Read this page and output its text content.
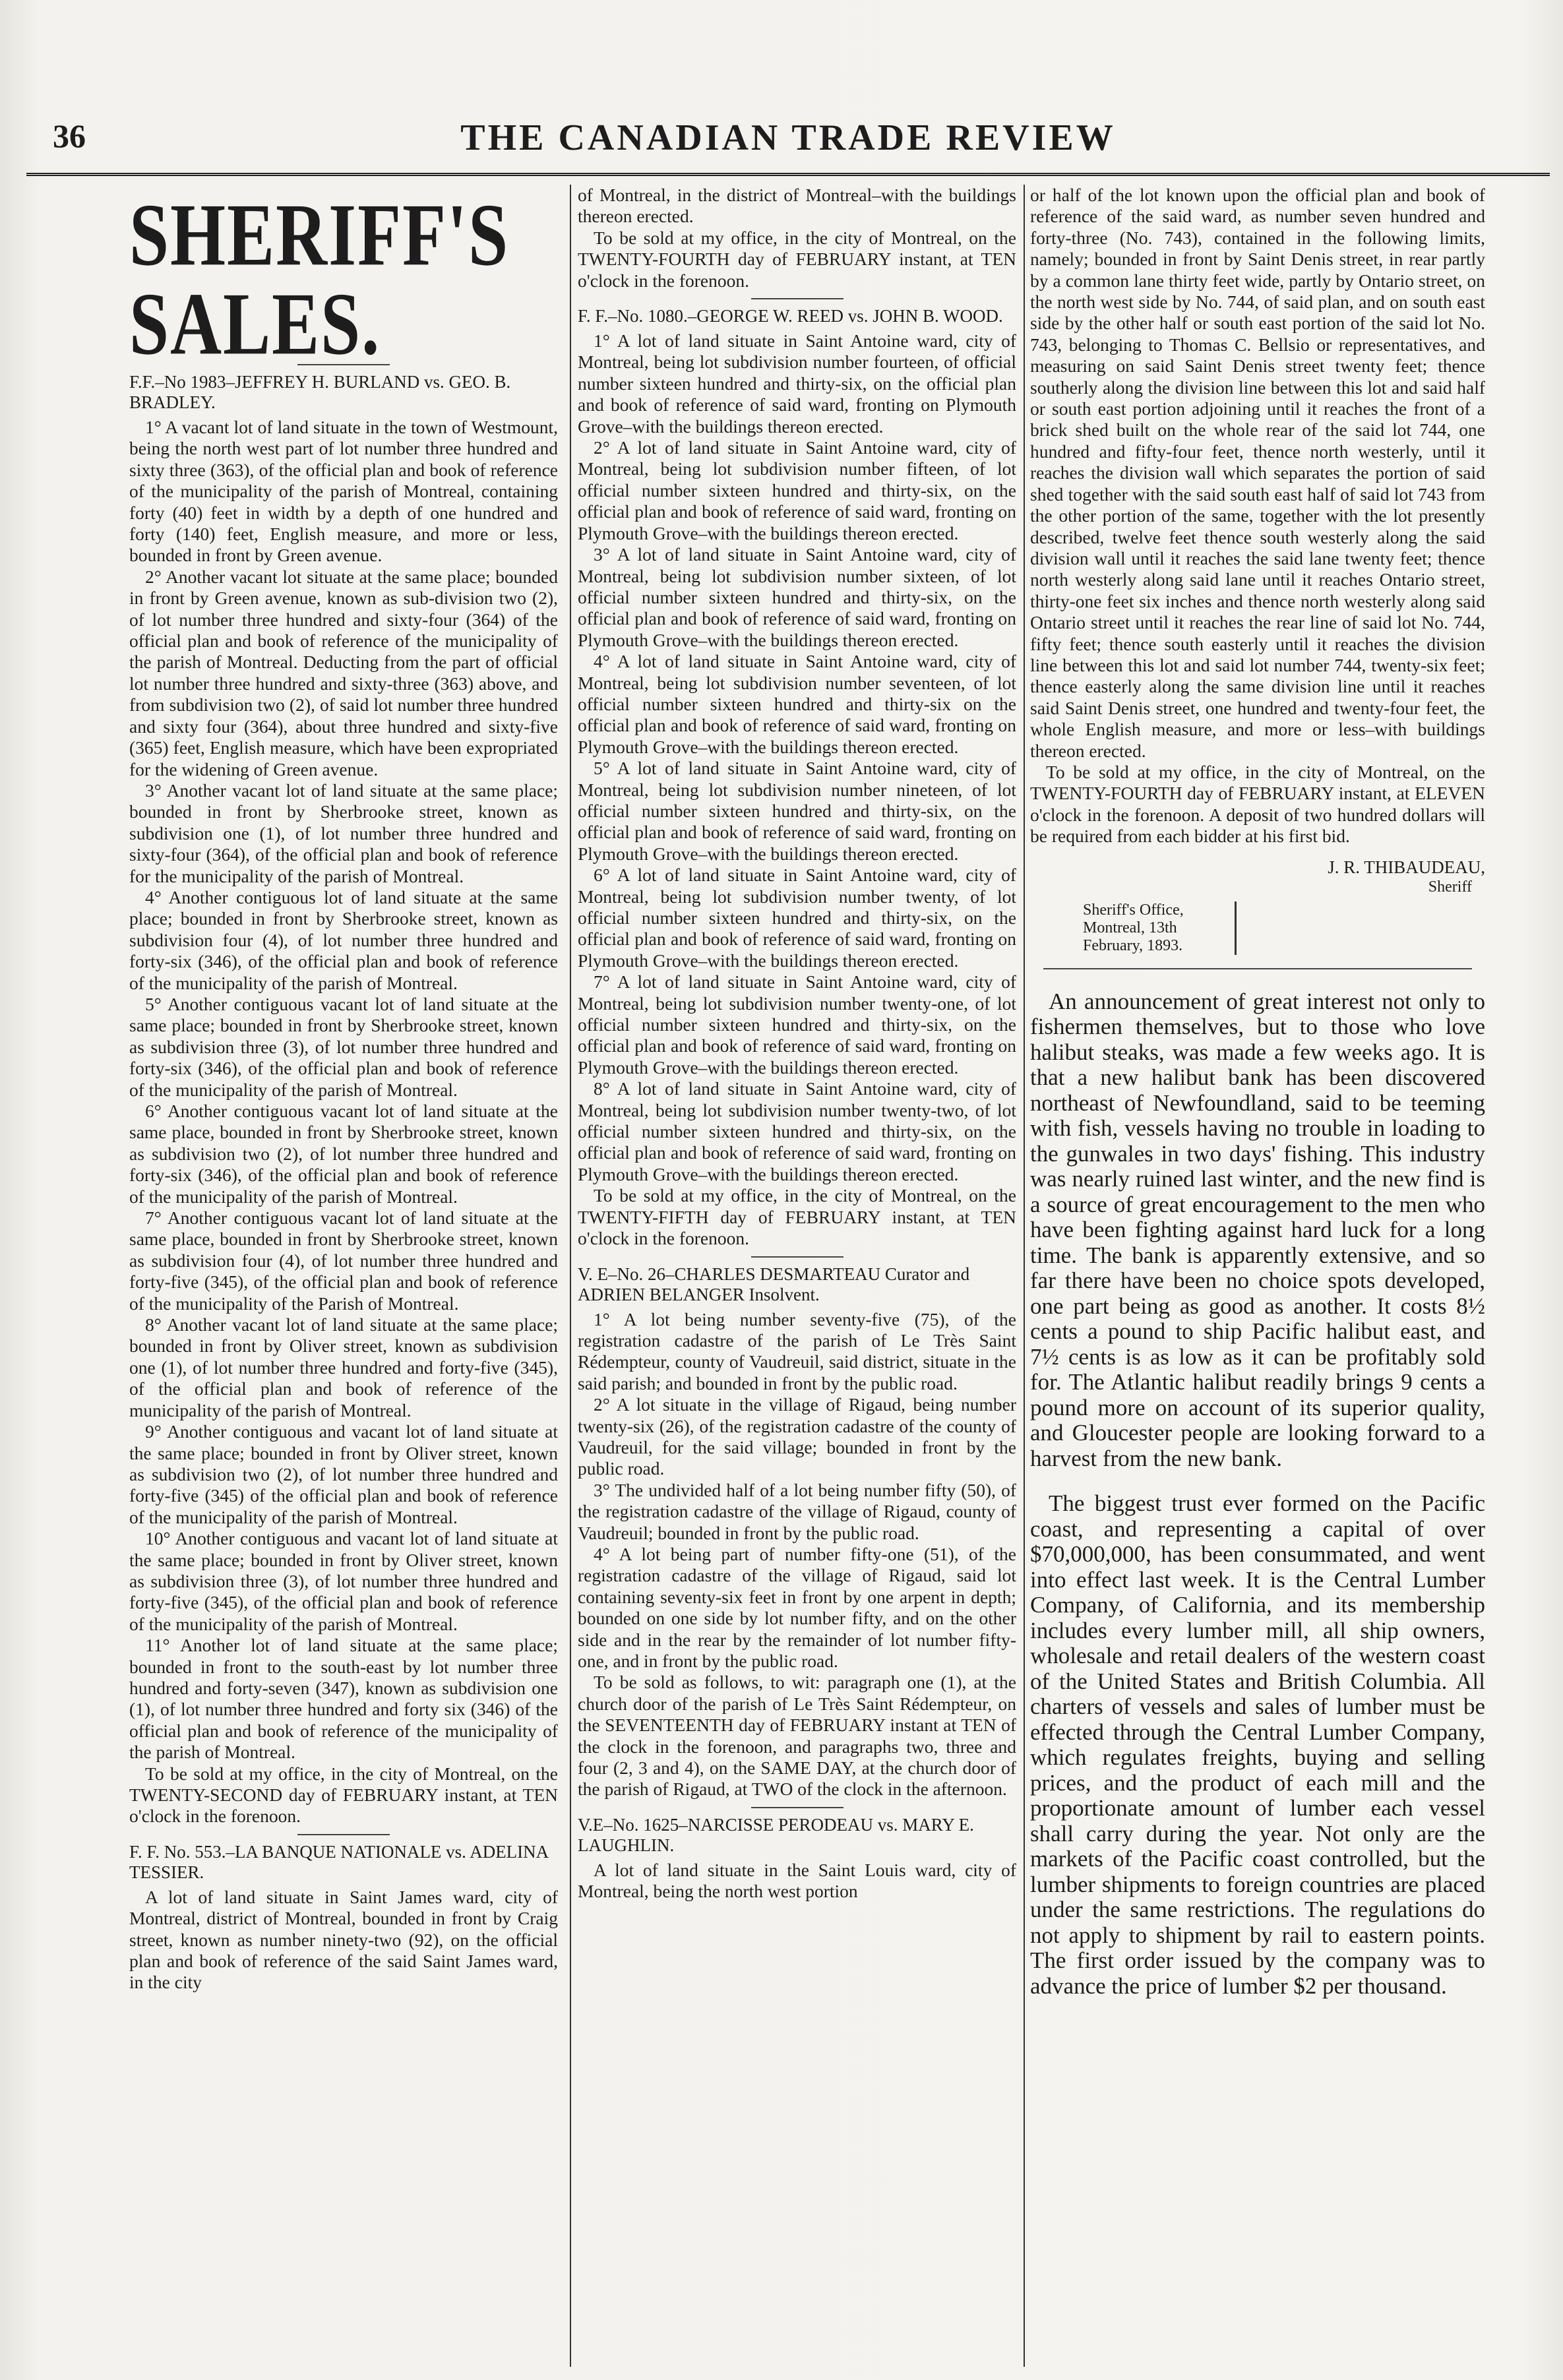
36	THE CANADIAN TRADE REVIEW
SHERIFF'S SALES.
F.F.–No 1983–JEFFREY H. BURLAND vs. GEO. B. BRADLEY.

1° A vacant lot of land situate in the town of Westmount, being the north west part of lot number three hundred and sixty three (363), of the official plan and book of reference of the municipality of the parish of Montreal, containing forty (40) feet in width by a depth of one hundred and forty (140) feet, English measure, and more or less, bounded in front by Green avenue.

2° Another vacant lot situate at the same place; bounded in front by Green avenue, known as sub-division two (2), of lot number three hundred and sixty-four (364) of the official plan and book of reference of the municipality of the parish of Montreal. Deducting from the part of official lot number three hundred and sixty-three (363) above, and from subdivision two (2), of said lot number three hundred and sixty four (364), about three hundred and sixty-five (365) feet, English measure, which have been expropriated for the widening of Green avenue.

3° Another vacant lot of land situate at the same place; bounded in front by Sherbrooke street, known as subdivision one (1), of lot number three hundred and sixty-four (364), of the official plan and book of reference for the municipality of the parish of Montreal.

4° Another contiguous lot of land situate at the same place; bounded in front by Sherbrooke street, known as subdivision four (4), of lot number three hundred and forty-six (346), of the official plan and book of reference of the municipality of the parish of Montreal.

5° Another contiguous vacant lot of land situate at the same place; bounded in front by Sherbrooke street, known as subdivision three (3), of lot number three hundred and forty-six (346), of the official plan and book of reference of the municipality of the parish of Montreal.

6° Another contiguous vacant lot of land situate at the same place, bounded in front by Sherbrooke street, known as subdivision two (2), of lot number three hundred and forty-six (346), of the official plan and book of reference of the municipality of the parish of Montreal.

7° Another contiguous vacant lot of land situate at the same place, bounded in front by Sherbrooke street, known as subdivision four (4), of lot number three hundred and forty-five (345), of the official plan and book of reference of the municipality of the Parish of Montreal.

8° Another vacant lot of land situate at the same place; bounded in front by Oliver street, known as subdivision one (1), of lot number three hundred and forty-five (345), of the official plan and book of reference of the municipality of the parish of Montreal.

9° Another contiguous and vacant lot of land situate at the same place; bounded in front by Oliver street, known as subdivision two (2), of lot number three hundred and forty-five (345) of the official plan and book of reference of the municipality of the parish of Montreal.

10° Another contiguous and vacant lot of land situate at the same place; bounded in front by Oliver street, known as subdivision three (3), of lot number three hundred and forty-five (345), of the official plan and book of reference of the municipality of the parish of Montreal.

11° Another lot of land situate at the same place; bounded in front to the south-east by lot number three hundred and forty-seven (347), known as subdivision one (1), of lot number three hundred and forty six (346) of the official plan and book of reference of the municipality of the parish of Montreal.

To be sold at my office, in the city of Montreal, on the TWENTY-SECOND day of FEBRUARY instant, at TEN o'clock in the forenoon.

F. F. No. 553.–LA BANQUE NATIONALE vs. ADELINA TESSIER.

A lot of land situate in Saint James ward, city of Montreal, district of Montreal, bounded in front by Craig street, known as number ninety-two (92), on the official plan and book of reference of the said Saint James ward, in the city

of Montreal, in the district of Montreal–with the buildings thereon erected.

To be sold at my office, in the city of Montreal, on the TWENTY-FOURTH day of FEBRUARY instant, at TEN o'clock in the forenoon.

F. F.–No. 1080.–GEORGE W. REED vs. JOHN B. WOOD.

1° A lot of land situate in Saint Antoine ward, city of Montreal, being lot subdivision number fourteen, of official number sixteen hundred and thirty-six, on the official plan and book of reference of said ward, fronting on Plymouth Grove–with the buildings thereon erected.

2° A lot of land situate in Saint Antoine ward, city of Montreal, being lot subdivision number fifteen, of lot official number sixteen hundred and thirty-six, on the official plan and book of reference of said ward, fronting on Plymouth Grove–with the buildings thereon erected.

3° A lot of land situate in Saint Antoine ward, city of Montreal, being lot subdivision number sixteen, of lot official number sixteen hundred and thirty-six, on the official plan and book of reference of said ward, fronting on Plymouth Grove–with the buildings thereon erected.

4° A lot of land situate in Saint Antoine ward, city of Montreal, being lot subdivision number seventeen, of lot official number sixteen hundred and thirty-six on the official plan and book of reference of said ward, fronting on Plymouth Grove–with the buildings thereon erected.

5° A lot of land situate in Saint Antoine ward, city of Montreal, being lot subdivision number nineteen, of lot official number sixteen hundred and thirty-six, on the official plan and book of reference of said ward, fronting on Plymouth Grove–with the buildings thereon erected.

6° A lot of land situate in Saint Antoine ward, city of Montreal, being lot subdivision number twenty, of lot official number sixteen hundred and thirty-six, on the official plan and book of reference of said ward, fronting on Plymouth Grove–with the buildings thereon erected.

7° A lot of land situate in Saint Antoine ward, city of Montreal, being lot subdivision number twenty-one, of lot official number sixteen hundred and thirty-six, on the official plan and book of reference of said ward, fronting on Plymouth Grove–with the buildings thereon erected.

8° A lot of land situate in Saint Antoine ward, city of Montreal, being lot subdivision number twenty-two, of lot official number sixteen hundred and thirty-six, on the official plan and book of reference of said ward, fronting on Plymouth Grove–with the buildings thereon erected.

To be sold at my office, in the city of Montreal, on the TWENTY-FIFTH day of FEBRUARY instant, at TEN o'clock in the forenoon.

V. E–No. 26–CHARLES DESMARTEAU Curator and ADRIEN BELANGER Insolvent.

1° A lot being number seventy-five (75), of the registration cadastre of the parish of Le Très Saint Rédempteur, county of Vaudreuil, said district, situate in the said parish; and bounded in front by the public road.

2° A lot situate in the village of Rigaud, being number twenty-six (26), of the registration cadastre of the county of Vaudreuil, for the said village; bounded in front by the public road.

3° The undivided half of a lot being number fifty (50), of the registration cadastre of the village of Rigaud, county of Vaudreuil; bounded in front by the public road.

4° A lot being part of number fifty-one (51), of the registration cadastre of the village of Rigaud, said lot containing seventy-six feet in front by one arpent in depth; bounded on one side by lot number fifty, and on the other side and in the rear by the remainder of lot number fifty-one, and in front by the public road.

To be sold as follows, to wit: paragraph one (1), at the church door of the parish of Le Très Saint Rédempteur, on the SEVENTEENTH day of FEBRUARY instant at TEN of the clock in the forenoon, and paragraphs two, three and four (2, 3 and 4), on the SAME DAY, at the church door of the parish of Rigaud, at TWO of the clock in the afternoon.

V.E–No. 1625–NARCISSE PERODEAU vs. MARY E. LAUGHLIN.

A lot of land situate in the Saint Louis ward, city of Montreal, being the north west portion

or half of the lot known upon the official plan and book of reference of the said ward, as number seven hundred and forty-three (No. 743), contained in the following limits, namely; bounded in front by Saint Denis street, in rear partly by a common lane thirty feet wide, partly by Ontario street, on the north west side by No. 744, of said plan, and on south east side by the other half or south east portion of the said lot No. 743, belonging to Thomas C. Bellsio or representatives, and measuring on said Saint Denis street twenty feet; thence southerly along the division line between this lot and said half or south east portion adjoining until it reaches the front of a brick shed built on the whole rear of the said lot 744, one hundred and fifty-four feet, thence north westerly, until it reaches the division wall which separates the portion of said shed together with the said south east half of said lot 743 from the other portion of the same, together with the lot presently described, twelve feet thence south westerly along the said division wall until it reaches the said lane twenty feet; thence north westerly along said lane until it reaches Ontario street, thirty-one feet six inches and thence north westerly along said Ontario street until it reaches the rear line of said lot No. 744, fifty feet; thence south easterly until it reaches the division line between this lot and said lot number 744, twenty-six feet; thence easterly along the same division line until it reaches said Saint Denis street, one hundred and twenty-four feet, the whole English measure, and more or less–with buildings thereon erected.

To be sold at my office, in the city of Montreal, on the TWENTY-FOURTH day of FEBRUARY instant, at ELEVEN o'clock in the forenoon. A deposit of two hundred dollars will be required from each bidder at his first bid.

J. R. THIBAUDEAU,
Sheriff
Sheriff's Office, Montreal, 13th February, 1893.

An announcement of great interest not only to fishermen themselves, but to those who love halibut steaks, was made a few weeks ago. It is that a new halibut bank has been discovered northeast of Newfoundland, said to be teeming with fish, vessels having no trouble in loading to the gunwales in two days' fishing. This industry was nearly ruined last winter, and the new find is a source of great encouragement to the men who have been fighting against hard luck for a long time. The bank is apparently extensive, and so far there have been no choice spots developed, one part being as good as another. It costs 8½ cents a pound to ship Pacific halibut east, and 7½ cents is as low as it can be profitably sold for. The Atlantic halibut readily brings 9 cents a pound more on account of its superior quality, and Gloucester people are looking forward to a harvest from the new bank.

The biggest trust ever formed on the Pacific coast, and representing a capital of over $70,000,000, has been consummated, and went into effect last week. It is the Central Lumber Company, of California, and its membership includes every lumber mill, all ship owners, wholesale and retail dealers of the western coast of the United States and British Columbia. All charters of vessels and sales of lumber must be effected through the Central Lumber Company, which regulates freights, buying and selling prices, and the product of each mill and the proportionate amount of lumber each vessel shall carry during the year. Not only are the markets of the Pacific coast controlled, but the lumber shipments to foreign countries are placed under the same restrictions. The regulations do not apply to shipment by rail to eastern points. The first order issued by the company was to advance the price of lumber $2 per thousand.
